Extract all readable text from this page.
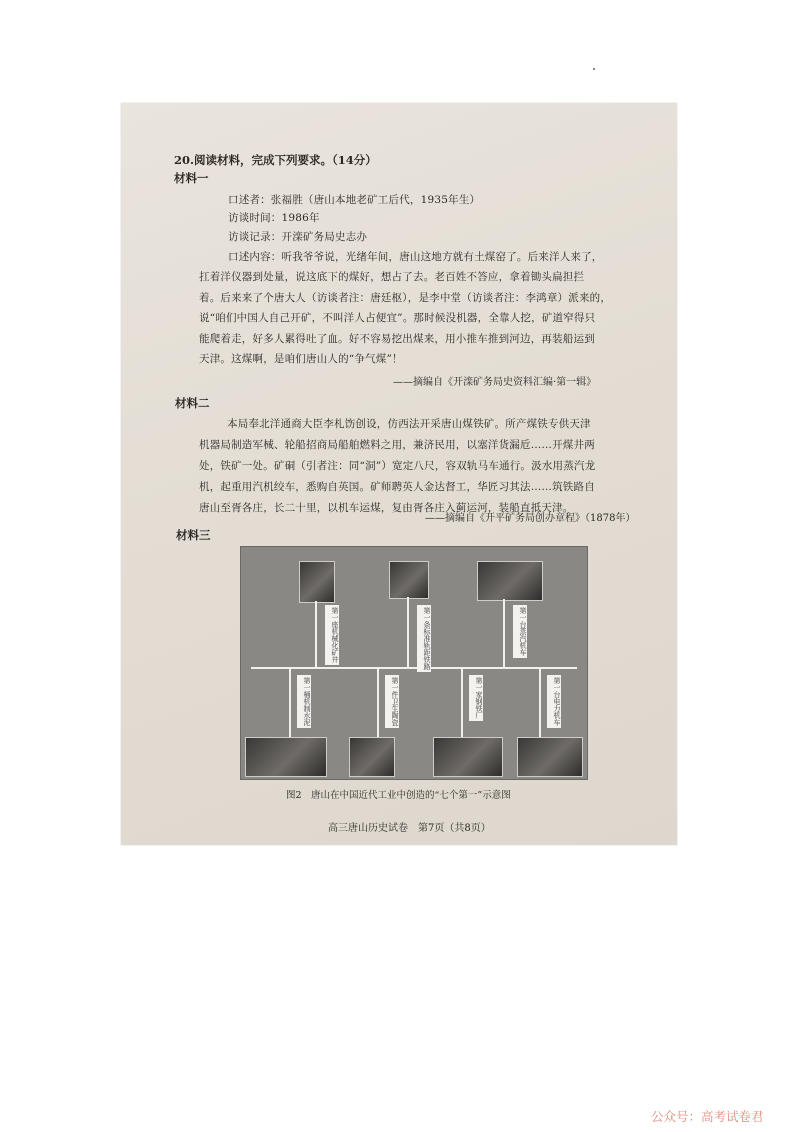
20.阅读材料，完成下列要求。（14分）
材料一
口述者：张福胜（唐山本地老矿工后代，1935年生）
访谈时间：1986年
访谈记录：开滦矿务局史志办
口述内容：听我爷爷说，光绪年间，唐山这地方就有土煤窑了。后来洋人来了，
扛着洋仪器到处量，说这底下的煤好，想占了去。老百姓不答应，拿着锄头扁担拦
着。后来来了个唐大人（访谈者注：唐廷枢），是李中堂（访谈者注：李鸿章）派来的，
说“咱们中国人自己开矿，不叫洋人占便宜”。那时候没机器，全靠人挖，矿道窄得只
能爬着走，好多人累得吐了血。好不容易挖出煤来，用小推车推到河边，再装船运到
天津。这煤啊，是咱们唐山人的“争气煤”！
——摘编自《开滦矿务局史资料汇编·第一辑》
材料二
本局奉北洋通商大臣李札饬创设，仿西法开采唐山煤铁矿。所产煤铁专供天津
机器局制造军械、轮船招商局船舶燃料之用，兼济民用，以塞洋货漏卮……开煤井两
处，铁矿一处。矿硐（引者注：同“洞”）宽定八尺，容双轨马车通行。汲水用蒸汽龙
机，起重用汽机绞车，悉购自英国。矿师聘英人金达督工，华匠习其法……筑铁路自
唐山至胥各庄，长二十里，以机车运煤，复由胥各庄入蓟运河，装船直抵天津。
——摘编自《开平矿务局创办章程》（1878年）
材料三
第一座机械化矿井	第一条标准轨距铁路	第一台蒸汽机车
第一桶机制水泥	第一件卫生陶瓷	第一家钢铁厂	第一台电力机车
图2　唐山在中国近代工业中创造的“七个第一”示意图
高三唐山历史试卷　第7页（共8页）
公众号：高考试卷君
